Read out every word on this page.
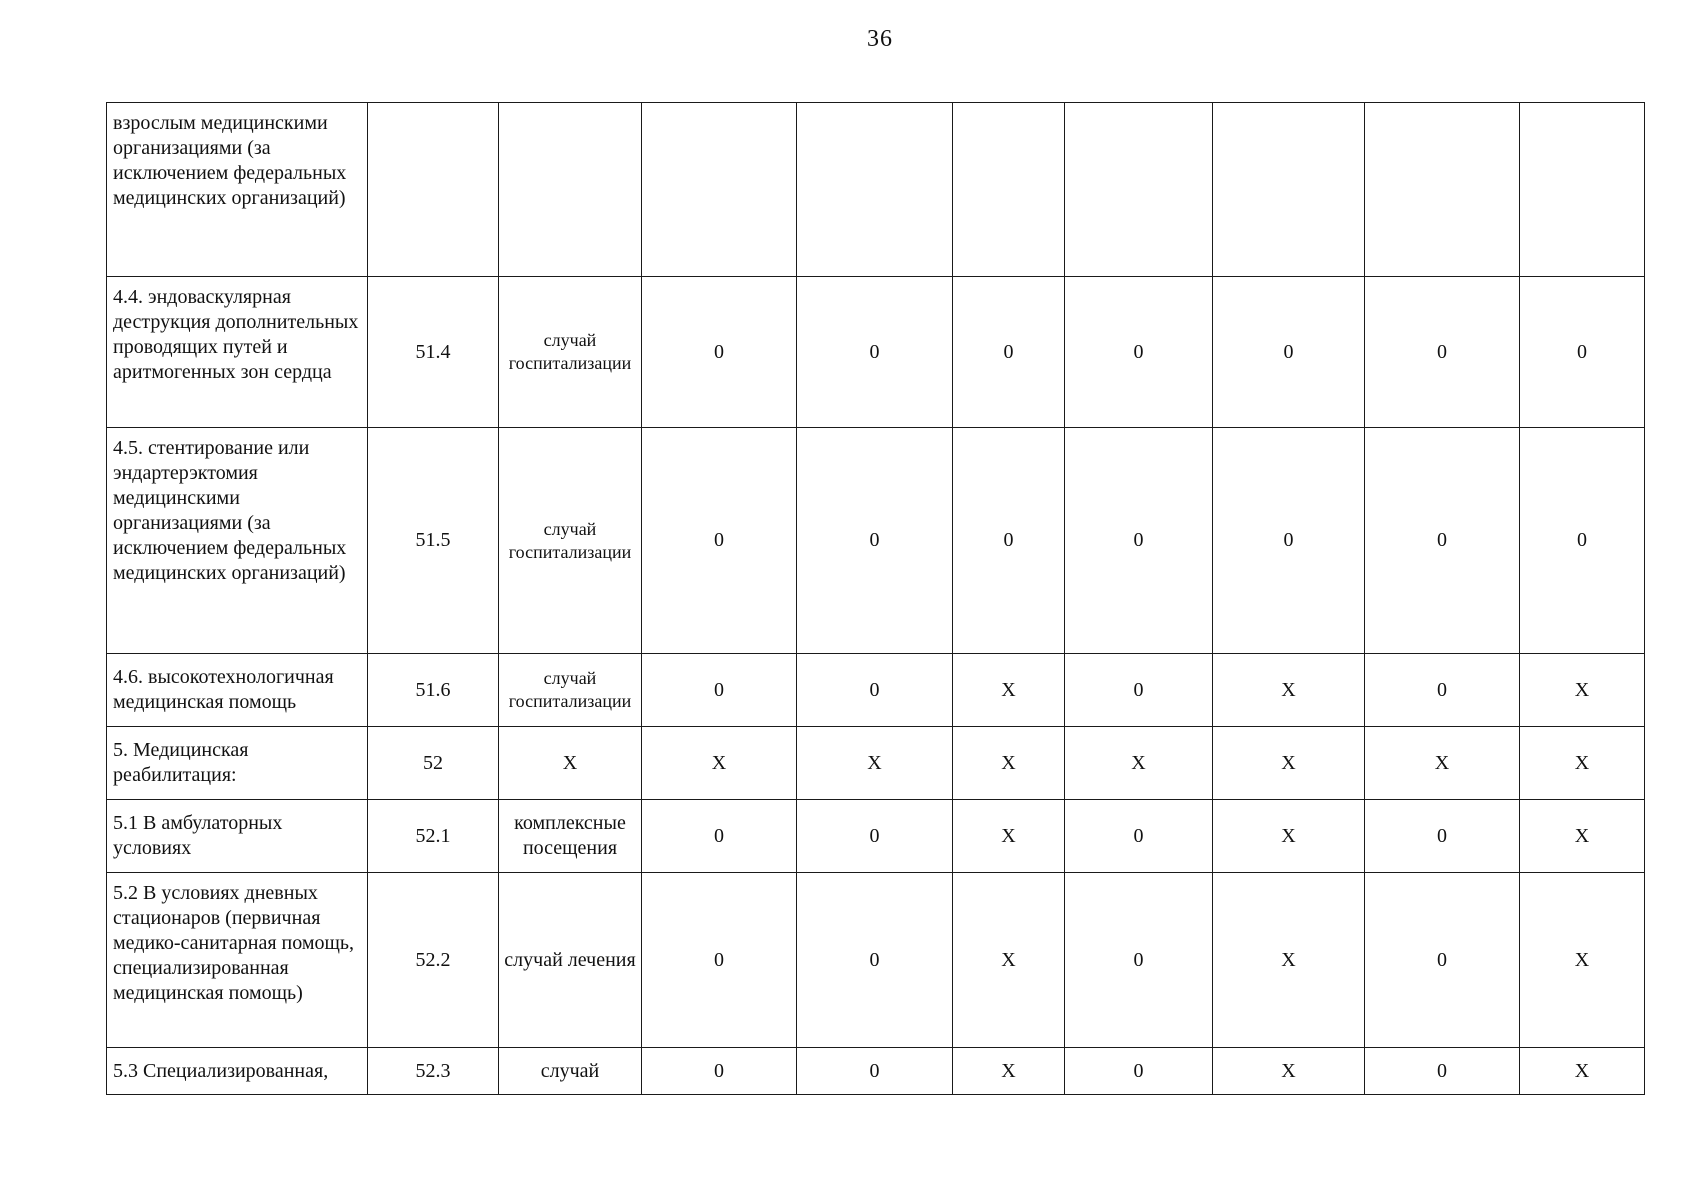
36
взрослым медицинскими организациями (за исключением федеральных медицинских организаций)									
4.4. эндоваскулярная деструкция дополнительных проводящих путей и аритмогенных зон сердца	51.4	случай госпитализации	0	0	0	0	0	0	0
4.5. стентирование или эндартерэктомия медицинскими организациями (за исключением федеральных медицинских организаций)	51.5	случай госпитализации	0	0	0	0	0	0	0
4.6. высокотехнологичная медицинская помощь	51.6	случай госпитализации	0	0	X	0	X	0	X
5. Медицинская реабилитация:	52	X	X	X	X	X	X	X	X
5.1 В амбулаторных условиях	52.1	комплексные посещения	0	0	X	0	X	0	X
5.2 В условиях дневных стационаров (первичная медико-санитарная помощь, специализированная медицинская помощь)	52.2	случай лечения	0	0	X	0	X	0	X
5.3 Специализированная,	52.3	случай	0	0	X	0	X	0	X
